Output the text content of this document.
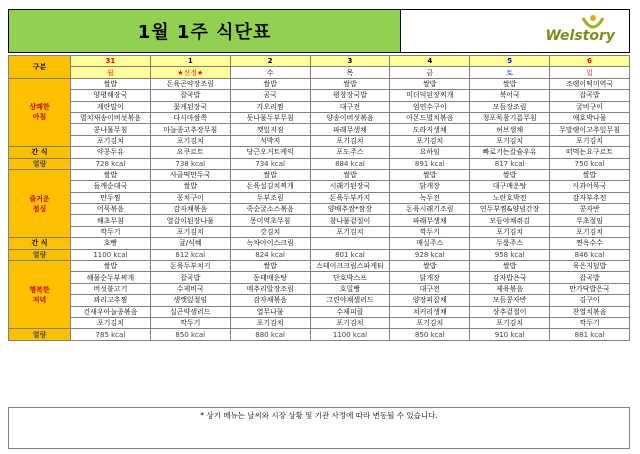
1월 1주 식단표	Welstory
구분	31	1	2	3	4	5	6
	월	★신정★	수	목	금	토	일
상쾌한
아침	쌀밥	돈육곤약장조림	쌀밥	쌀밥	쌀밥	쌀밥	조랭이떡미역국
	양평해장국	잡곡밥	곰국	평창장국밥	미더덕된장찌개	북어국	잡곡밥
	계란말이	꽃게된장국	가오리찜	대구전	엄연수구이	모듬장조림	굴비구이
	멸치새송이버섯볶음	다시마쌈쪽	돗나물두부무침	양송이버섯볶음	아몬드멸치볶음	청포묵참기름무침	애호박나물
	콩나물무침	마늘종고추장무침	깻잎지짐	파래무생채	도라지생채	허브샐채	무말랭이고추잎무침
	포기김치	포기김치	석박지	포기김치	포기김치	포기김치	포기김치
간 식	약콩두유	요쿠르트	당근오거트케익	포도주스	요하임	빠로기는칼슘우유	떠먹는요구르트
열량	728 kcal	738 kcal	734 kcal	884 kcal	891 kcal	817 kcal	750 kcal
즐거운
점심	쌀밥	사골떡만두국	쌀밥	쌀밥	쌀밥	쌀밥	쌀밥
	들깨순대국	쌀밥	돈육설김치찌개	시래기된장국	닭개장	대구매운탕	사과어묵국
	만두찜	꽁치구이	두부조림	돈육두부카지	녹두전	노란호박전	감자부추전
	어묵볶음	감자채볶음	죽순굴소스볶음	양배추쌈*쌈장	돈육시래기조림	연두부찜&양념간장	콩자반
	해초무침	열갈이된장나물	몽미역초무침	참나물겉절이	파래무생채	모듬야채쥐김	무초절임
	깍두기	포기김치	갓김치	포기김치	깍두기	포기김치	포기김치
간 식	호빵	귤/식혜	녹차아이스크림		매실주스	두룸주스	찐옥수수
열량	1100 kcal	812 kcal	824 kcal	801 kcal	928 kcal	958 kcal	846 kcal
행복한
저녁	쌀밥	돈육두부치기	쌀밥	스테이크크림스파게티	쌀밥	쌀밥	육은지덮밥
	해물순두부찌개	잡곡밥	동태매운탕	단호박스프	닭개장	감자밥은국	잡곡밥
	버섯불고기	수제비국	메추리알장조림	호밀빵	대구전	제육볶음	만가닥밥은국
	꽈리고추찜	생깻잎절임	감자채볶음	그린야채샐러드	양장피잡채	모듬콩자반	김구이
	건새우아늘종볶음	실곤약샐러드	열무나물	수제피클	치커리생채	상추겉절이	찬열치볶음
	포기김치	깍두기	포기김치	포기김치	포기김치	포기김치	깍두기
열량	785 kcal	850 kcal	880 kcal	1100 kcal	850 kcal	910 kcal	881 kcal
* 상기 메뉴는 날씨와 시장 상황 및 기관 사정에 따라 변동될 수 있습니다.
